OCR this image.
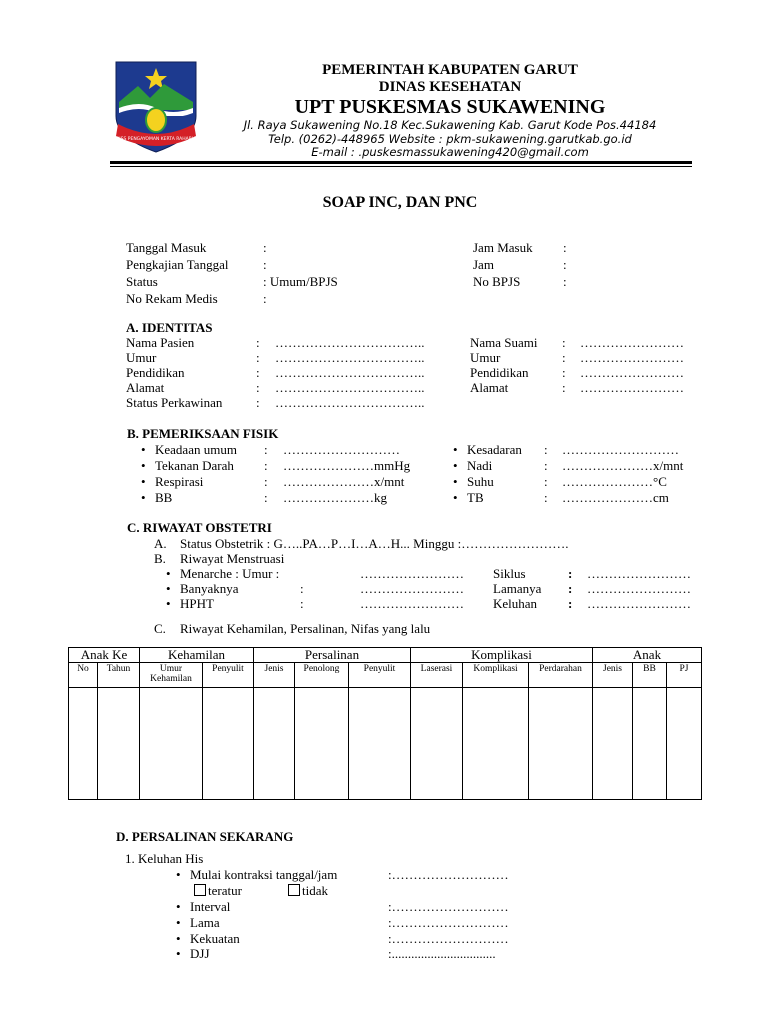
DISS PENGAYOMAN KERTA RAHARJA
PEMERINTAH KABUPATEN GARUT
DINAS KESEHATAN
UPT PUSKESMAS SUKAWENING
Jl. Raya Sukawening No.18 Kec.Sukawening Kab. Garut Kode Pos.44184
Telp. (0262)-448965 Website : pkm-sukawening.garutkab.go.id
E-mail : .puskesmassukawening420@gmail.com
SOAP INC, DAN PNC
Tanggal Masuk	:
Pengkajian Tanggal	:
Status	: Umum/BPJS
No Rekam Medis	:
Jam Masuk :
Jam	:
No BPJS	:
A. IDENTITAS
Nama Pasien	: ……………………………..
Umur	: ……………………………..
Pendidikan	: ……………………………..
Alamat	: ……………………………..
Status Perkawinan	: ……………………………..
Nama Suami : ……………………
Umur	: ……………………
Pendidikan	: ……………………
Alamat	: ……………………
B. PEMERIKSAAN FISIK
• Keadaan umum : ………………………
• Tekanan Darah : …………………mmHg
• Respirasi	: …………………x/mnt
• BB	: …………………kg
• Kesadaran : ………………………
• Nadi	: …………………x/mnt
• Suhu	: …………………°C
• TB	: …………………cm
C. RIWAYAT OBSTETRI
A. Status Obstetrik : G…..PA…P…I…A…H... Minggu :…………………….
B. Riwayat Menstruasi
• Menarche : Umur :	……………………
• Banyaknya	:	……………………
• HPHT	:	……………………
Siklus	: ……………………
Lamanya : ……………………
Keluhan : ……………………
C. Riwayat Kehamilan, Persalinan, Nifas yang lalu
Anak Ke		Kehamilan		Persalinan			Komplikasi			Anak		
No	Tahun	Umur Kehamilan	Penyulit	Jenis	Penolong	Penyulit	Laserasi	Komplikasi	Perdarahan	Jenis	BB	PJ

D. PERSALINAN SEKARANG
1. Keluhan His
• Mulai kontraksi tanggal/jam	:………………………
• Interval	:………………………
• Lama	:………………………
• Kekuatan	:………………………
• DJJ	:................................
teratur	tidak
